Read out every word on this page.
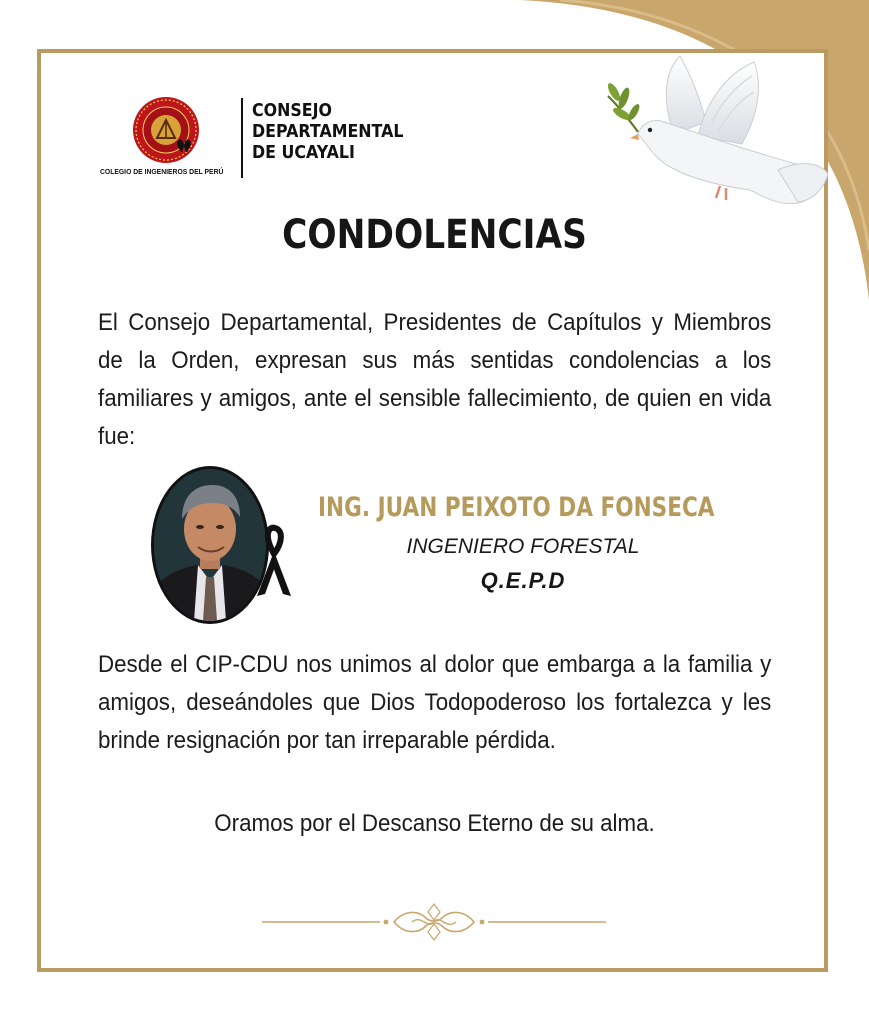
COLEGIO DE INGENIEROS DEL PERÚ
CONSEJO
DEPARTAMENTAL
DE UCAYALI
CONDOLENCIAS
El Consejo Departamental, Presidentes de Capítulos y Miembros de la Orden, expresan sus más sentidas condolencias a los familiares y amigos, ante el sensible fallecimiento, de quien en vida fue:
ING. JUAN PEIXOTO DA FONSECA
INGENIERO FORESTAL
Q.E.P.D
Desde el CIP-CDU nos unimos al dolor que embarga a la familia y amigos, deseándoles que Dios Todopoderoso los fortalezca y les brinde resignación por tan irreparable pérdida.
Oramos por el Descanso Eterno de su alma.
